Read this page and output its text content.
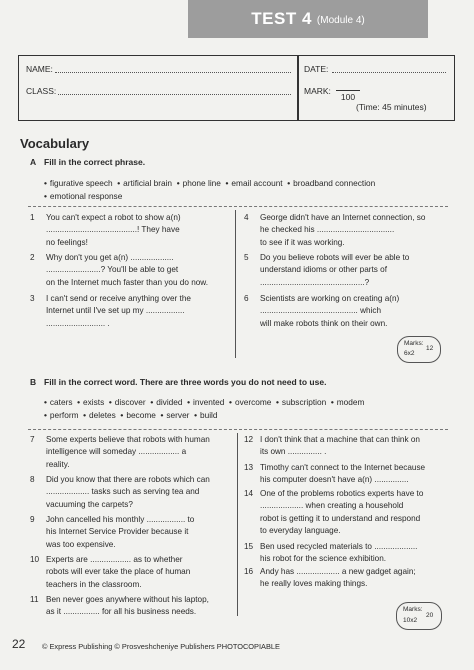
TEST 4 (Module 4)
NAME:
CLASS:
DATE:
MARK:
100
(Time: 45 minutes)
Vocabulary
A Fill in the correct phrase.
• figurative speech • artificial brain • phone line • email account • broadband connection
• emotional response
1 You can't expect a robot to show a(n)
........................................! They have
no feelings!
2 Why don't you get a(n) ...................
........................? You'll be able to get
on the Internet much faster than you do now.
3 I can't send or receive anything over the
Internet until I've set up my .................
.......................... .
4 George didn't have an Internet connection, so
he checked his ..................................
to see if it was working.
5 Do you believe robots will ever be able to
understand idioms or other parts of
..............................................?
6 Scientists are working on creating a(n)
........................................... which
will make robots think on their own.
Marks:
6x2
12
B Fill in the correct word. There are three words you do not need to use.
• caters • exists • discover • divided • invented • overcome • subscription • modem
• perform • deletes • become • server • build
7 Some experts believe that robots with human
intelligence will someday .................. a
reality.
8 Did you know that there are robots which can
................... tasks such as serving tea and
vacuuming the carpets?
9 John cancelled his monthly ................. to
his Internet Service Provider because it
was too expensive.
10 Experts are .................. as to whether
robots will ever take the place of human
teachers in the classroom.
11 Ben never goes anywhere without his laptop,
as it ................ for all his business needs.
12 I don't think that a machine that can think on
its own ............... .
13 Timothy can't connect to the Internet because
his computer doesn't have a(n) ...............
14 One of the problems robotics experts have to
................... when creating a household
robot is getting it to understand and respond
to everyday language.
15 Ben used recycled materials to ...................
his robot for the science exhibition.
16 Andy has ................... a new gadget again;
he really loves making things.
Marks:
10x2
20
22 © Express Publishing © Prosveshcheniye Publishers PHOTOCOPIABLE
